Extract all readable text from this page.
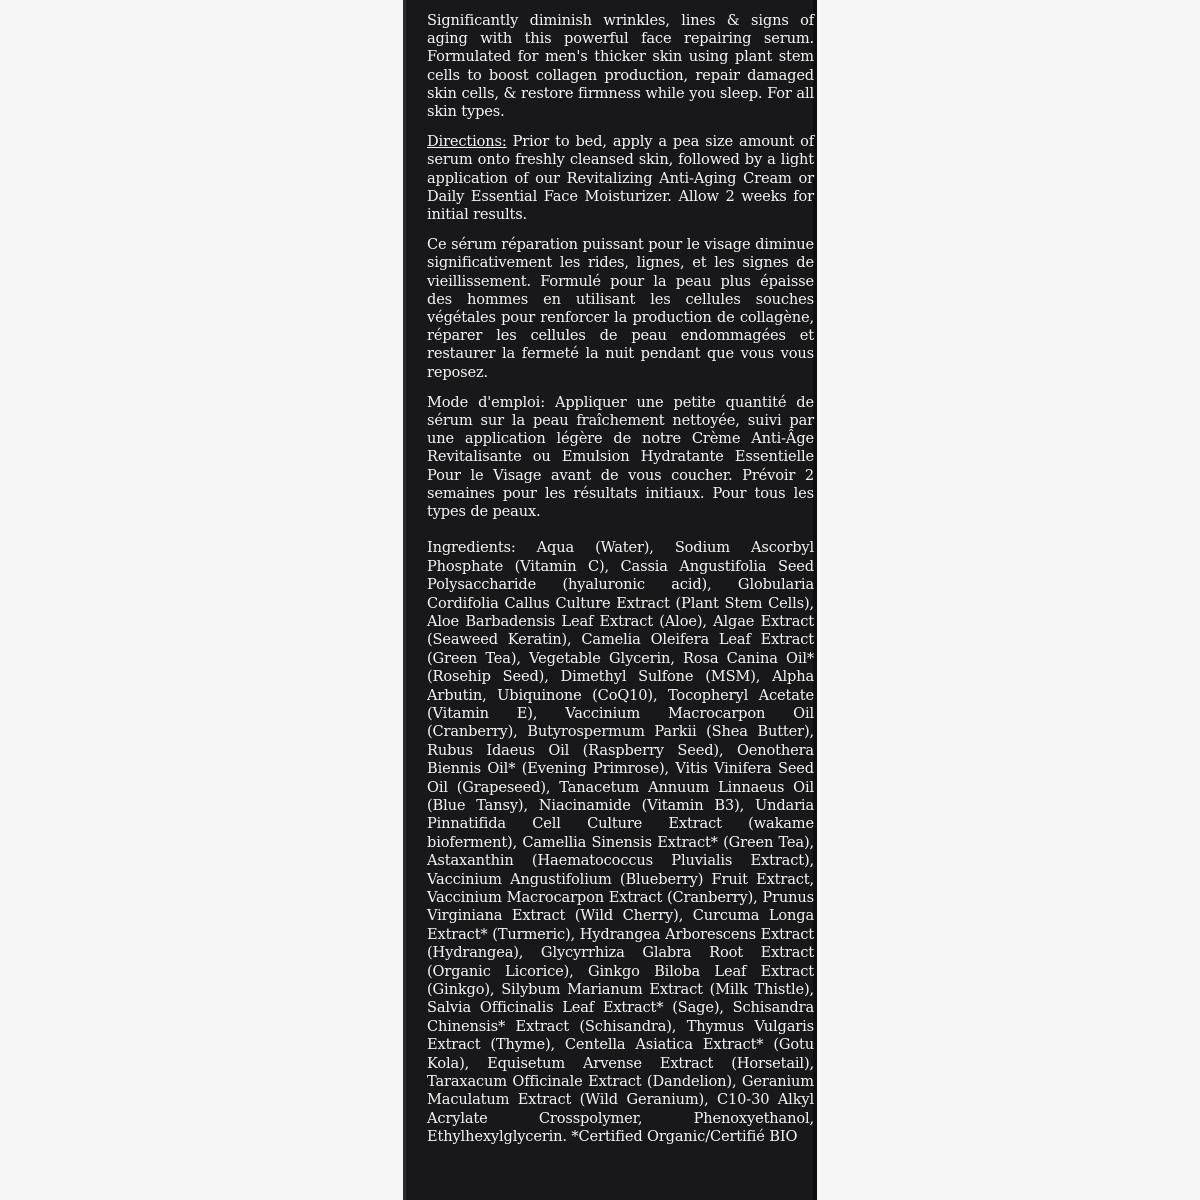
Significantly diminish wrinkles, lines & signs of aging with this powerful face repairing serum. Formulated for men's thicker skin using plant stem cells to boost collagen production, repair damaged skin cells, & restore firmness while you sleep. For all skin types.

Directions: Prior to bed, apply a pea size amount of serum onto freshly cleansed skin, followed by a light application of our Revitalizing Anti-Aging Cream or Daily Essential Face Moisturizer. Allow 2 weeks for initial results.

Ce sérum réparation puissant pour le visage diminue significativement les rides, lignes, et les signes de vieillissement. Formulé pour la peau plus épaisse des hommes en utilisant les cellules souches végétales pour renforcer la production de collagène, réparer les cellules de peau endommagées et restaurer la fermeté la nuit pendant que vous vous reposez.

Mode d'emploi: Appliquer une petite quantité de sérum sur la peau fraîchement nettoyée, suivi par une application légère de notre Crème Anti-Âge Revitalisante ou Emulsion Hydratante Essentielle Pour le Visage avant de vous coucher. Prévoir 2 semaines pour les résultats initiaux. Pour tous les types de peaux.

Ingredients: Aqua (Water), Sodium Ascorbyl Phosphate (Vitamin C), Cassia Angustifolia Seed Polysaccharide (hyaluronic acid), Globularia Cordifolia Callus Culture Extract (Plant Stem Cells), Aloe Barbadensis Leaf Extract (Aloe), Algae Extract (Seaweed Keratin), Camelia Oleifera Leaf Extract (Green Tea), Vegetable Glycerin, Rosa Canina Oil* (Rosehip Seed), Dimethyl Sulfone (MSM), Alpha Arbutin, Ubiquinone (CoQ10), Tocopheryl Acetate (Vitamin E), Vaccinium Macrocarpon Oil (Cranberry), Butyrospermum Parkii (Shea Butter), Rubus Idaeus Oil (Raspberry Seed), Oenothera Biennis Oil* (Evening Primrose), Vitis Vinifera Seed Oil (Grapeseed), Tanacetum Annuum Linnaeus Oil (Blue Tansy), Niacinamide (Vitamin B3), Undaria Pinnatifida Cell Culture Extract (wakame bioferment), Camellia Sinensis Extract* (Green Tea), Astaxanthin (Haematococcus Pluvialis Extract), Vaccinium Angustifolium (Blueberry) Fruit Extract, Vaccinium Macrocarpon Extract (Cranberry), Prunus Virginiana Extract (Wild Cherry), Curcuma Longa Extract* (Turmeric), Hydrangea Arborescens Extract (Hydrangea), Glycyrrhiza Glabra Root Extract (Organic Licorice), Ginkgo Biloba Leaf Extract (Ginkgo), Silybum Marianum Extract (Milk Thistle), Salvia Officinalis Leaf Extract* (Sage), Schisandra Chinensis* Extract (Schisandra), Thymus Vulgaris Extract (Thyme), Centella Asiatica Extract* (Gotu Kola), Equisetum Arvense Extract (Horsetail), Taraxacum Officinale Extract (Dandelion), Geranium Maculatum Extract (Wild Geranium), C10-30 Alkyl Acrylate Crosspolymer, Phenoxyethanol, Ethylhexylglycerin. *Certified Organic/Certifié BIO
